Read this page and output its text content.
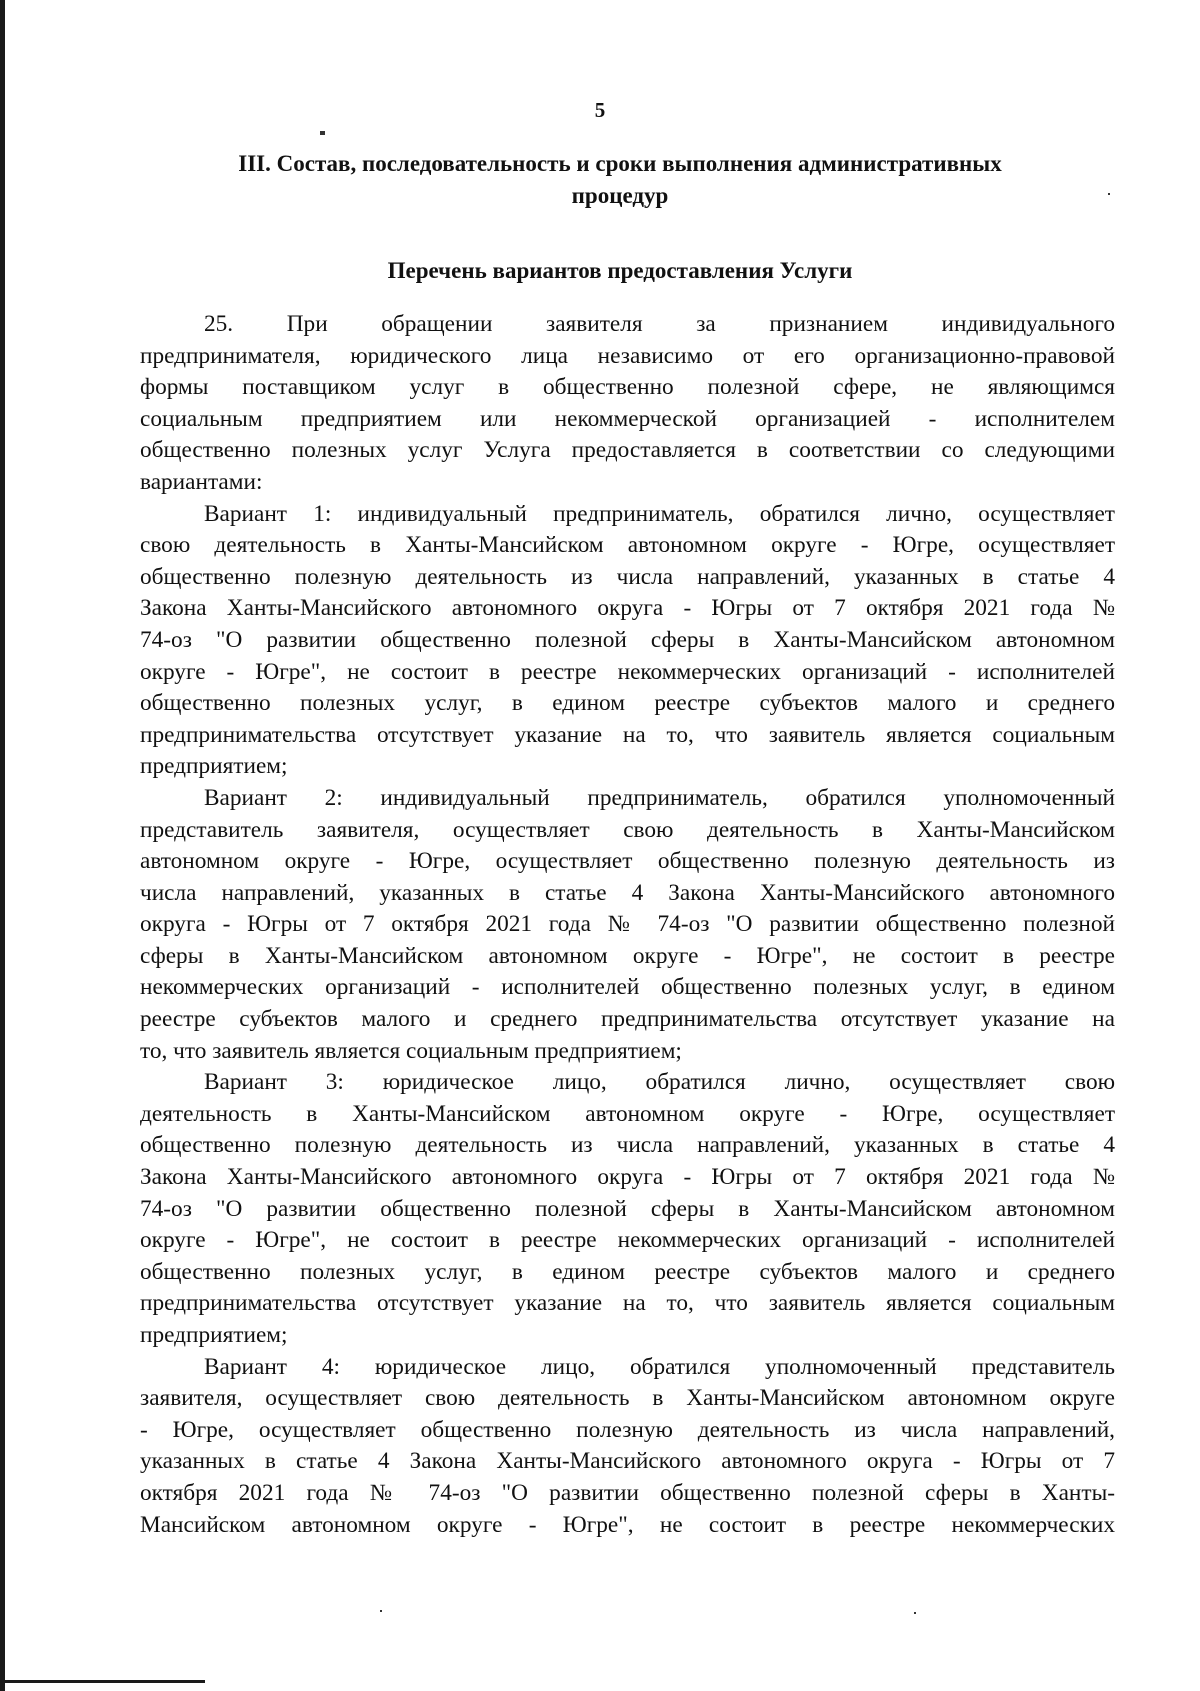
5
III. Состав, последовательность и сроки выполнения административных
процедур
Перечень вариантов предоставления Услуги
25. При обращении заявителя за признанием индивидуального
предпринимателя, юридического лица независимо от его организационно-правовой
формы поставщиком услуг в общественно полезной сфере, не являющимся
социальным предприятием или некоммерческой организацией - исполнителем
общественно полезных услуг Услуга предоставляется в соответствии со следующими
вариантами:
Вариант 1: индивидуальный предприниматель, обратился лично, осуществляет
свою деятельность в Ханты-Мансийском автономном округе - Югре, осуществляет
общественно полезную деятельность из числа направлений, указанных в статье 4
Закона Ханты-Мансийского автономного округа - Югры от 7 октября 2021 года №
74-оз "О развитии общественно полезной сферы в Ханты-Мансийском автономном
округе - Югре", не состоит в реестре некоммерческих организаций - исполнителей
общественно полезных услуг, в едином реестре субъектов малого и среднего
предпринимательства отсутствует указание на то, что заявитель является социальным
предприятием;
Вариант 2: индивидуальный предприниматель, обратился уполномоченный
представитель заявителя, осуществляет свою деятельность в Ханты-Мансийском
автономном округе - Югре, осуществляет общественно полезную деятельность из
числа направлений, указанных в статье 4 Закона Ханты-Мансийского автономного
округа - Югры от 7 октября 2021 года № 74-оз "О развитии общественно полезной
сферы в Ханты-Мансийском автономном округе - Югре", не состоит в реестре
некоммерческих организаций - исполнителей общественно полезных услуг, в едином
реестре субъектов малого и среднего предпринимательства отсутствует указание на
то, что заявитель является социальным предприятием;
Вариант 3: юридическое лицо, обратился лично, осуществляет свою
деятельность в Ханты-Мансийском автономном округе - Югре, осуществляет
общественно полезную деятельность из числа направлений, указанных в статье 4
Закона Ханты-Мансийского автономного округа - Югры от 7 октября 2021 года №
74-оз "О развитии общественно полезной сферы в Ханты-Мансийском автономном
округе - Югре", не состоит в реестре некоммерческих организаций - исполнителей
общественно полезных услуг, в едином реестре субъектов малого и среднего
предпринимательства отсутствует указание на то, что заявитель является социальным
предприятием;
Вариант 4: юридическое лицо, обратился уполномоченный представитель
заявителя, осуществляет свою деятельность в Ханты-Мансийском автономном округе
- Югре, осуществляет общественно полезную деятельность из числа направлений,
указанных в статье 4 Закона Ханты-Мансийского автономного округа - Югры от 7
октября 2021 года № 74-оз "О развитии общественно полезной сферы в Ханты-
Мансийском автономном округе - Югре", не состоит в реестре некоммерческих
